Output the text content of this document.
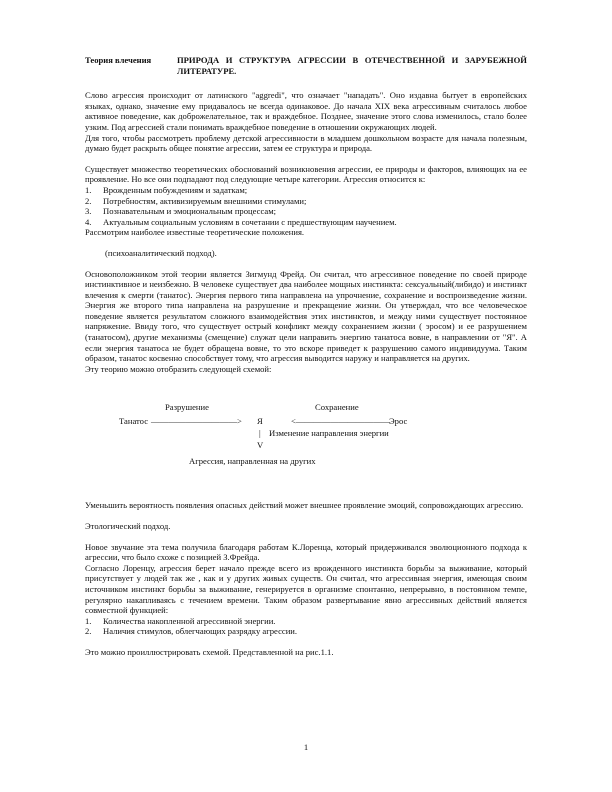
Теория влечения	ПРИРОДА И СТРУКТУРА АГРЕССИИ В ОТЕЧЕСТВЕННОЙ И ЗАРУБЕЖНОЙ ЛИТЕРАТУРЕ.

Слово агрессия происходит от латинского "aggredi", что означает "нападать". Оно издавна бытует в европейских языках, однако, значение ему придавалось не всегда одинаковое. До начала XIX века агрессивным считалось любое активное поведение, как доброжелательное, так и враждебное. Позднее, значение этого слова изменилось, стало более узким. Под агрессией стали понимать враждебное поведение в отношении окружающих людей.

Для того, чтобы рассмотреть проблему детской агрессивности в младшем дошкольном возрасте для начала полезным, думаю будет раскрыть общее понятие агрессии, затем ее структура и природа.

Существует множество теоретических обоснований возникновения агрессии, ее природы и факторов, влияющих на ее проявление. Но все они подпадают под следующие четыре категории. Агрессия относится к:

1.	Врожденным побуждениям и задаткам;
2.	Потребностям, активизируемым внешними стимулами;
3.	Познавательным и эмоциональным процессам;
4.	Актуальным социальным условиям в сочетании с предшествующим научением.

Рассмотрим наиболее известные теоретические положения.

(психоаналитический подход).

Основоположником этой теории является Зигмунд Фрейд. Он считал, что агрессивное поведение по своей природе инстинктивное и неизбежно. В человеке существует два наиболее мощных инстинкта: сексуальный(либидо) и инстинкт влечения к смерти (танатос). Энергия первого типа направлена на упрочнение, сохранение и воспроизведение жизни. Энергия же второго типа направлена на разрушение и прекращение жизни. Он утверждал, что все человеческое поведение является результатом сложного взаимодействия этих инстинктов, и между ними существует постоянное напряжение. Ввиду того, что существует острый конфликт между сохранением жизни ( эросом) и ее разрушением (танатосом), другие механизмы (смещение) служат цели направить энергию танатоса вовне, в направлении от "Я". А если энергия танатоса не будет обращена вовне, то это вскоре приведет к разрушению самого индивидуума. Таким образом, танатос косвенно способствует тому, что агрессия выводится наружу и направляется на других.

Эту теорию можно отобразить следующей схемой:

Разрушение	Сохранение
Танатос ——————————> Я	<———————————
Эрос
| Изменение направления энергии
V
Агрессия, направленная на других

Уменьшить вероятность появления опасных действий может внешнее проявление эмоций, сопровождающих агрессию.

Этологический подход.

Новое звучание эта тема получила благодаря работам К.Лоренца, который придерживался эволюционного подхода к агрессии, что было схоже с позицией З.Фрейда.

Согласно Лоренцу, агрессия берет начало прежде всего из врожденного инстинкта борьбы за выживание, который присутствует у людей так же , как и у других живых существ. Он считал, что агрессивная энергия, имеющая своим источником инстинкт борьбы за выживание, генерируется в организме спонтанно, непрерывно, в постоянном темпе, регулярно накапливаясь с течением времени. Таким образом развертывание явно агрессивных действий является совместной функцией:

1.	Количества накопленной агрессивной энергии.
2.	Наличия стимулов, облегчающих разрядку агрессии.

Это можно проиллюстрировать схемой. Представленной на рис.1.1.

1
